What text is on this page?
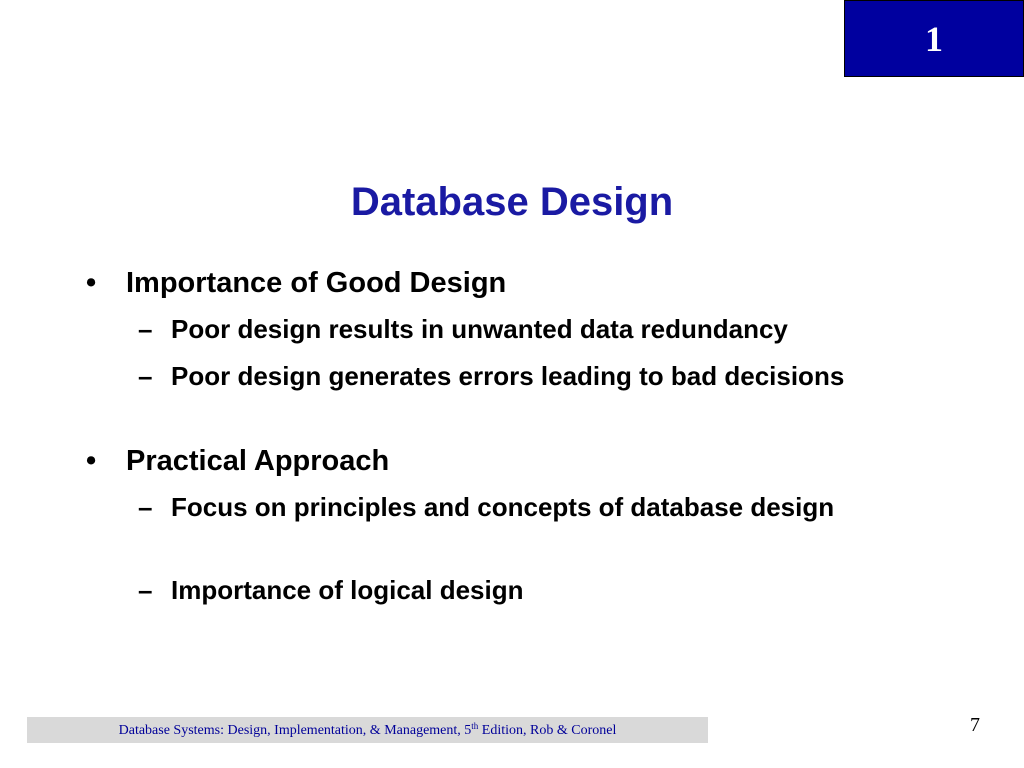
1
Database Design
•	Importance of Good Design
– Poor design results in unwanted data redundancy
– Poor design generates errors leading to bad decisions
•	Practical Approach
– Focus on principles and concepts of database design
– Importance of logical design
Database Systems: Design, Implementation, & Management, 5th Edition, Rob & Coronel	7
